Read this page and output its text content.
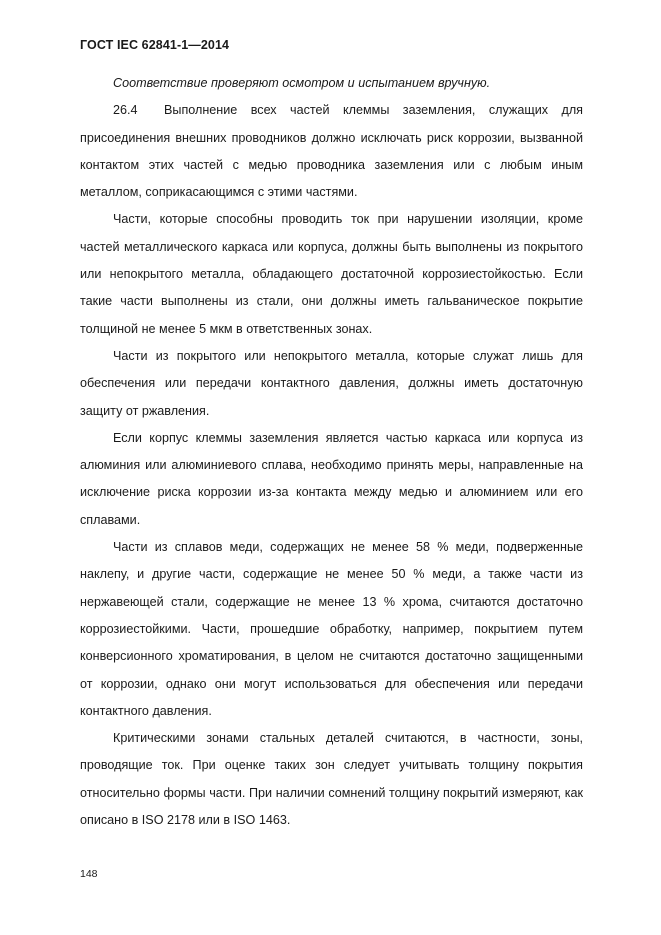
ГОСТ IEC 62841-1—2014

Соответствие проверяют осмотром и испытанием вручную.

26.4 Выполнение всех частей клеммы заземления, служащих для присоединения внешних проводников должно исключать риск коррозии, вызванной контактом этих частей с медью проводника заземления или с любым иным металлом, соприкасающимся с этими частями.

Части, которые способны проводить ток при нарушении изоляции, кроме частей металлического каркаса или корпуса, должны быть выполнены из покрытого или непокрытого металла, обладающего достаточной коррозиестойкостью. Если такие части выполнены из стали, они должны иметь гальваническое покрытие толщиной не менее 5 мкм в ответственных зонах.

Части из покрытого или непокрытого металла, которые служат лишь для обеспечения или передачи контактного давления, должны иметь достаточную защиту от ржавления.

Если корпус клеммы заземления является частью каркаса или корпуса из алюминия или алюминиевого сплава, необходимо принять меры, направленные на исключение риска коррозии из-за контакта между медью и алюминием или его сплавами.

Части из сплавов меди, содержащих не менее 58 % меди, подверженные наклепу, и другие части, содержащие не менее 50 % меди, а также части из нержавеющей стали, содержащие не менее 13 % хрома, считаются достаточно коррозиестойкими. Части, прошедшие обработку, например, покрытием путем конверсионного хроматирования, в целом не считаются достаточно защищенными от коррозии, однако они могут использоваться для обеспечения или передачи контактного давления.

Критическими зонами стальных деталей считаются, в частности, зоны, проводящие ток. При оценке таких зон следует учитывать толщину покрытия относительно формы части. При наличии сомнений толщину покрытий измеряют, как описано в ISO 2178 или в ISO 1463.

148
